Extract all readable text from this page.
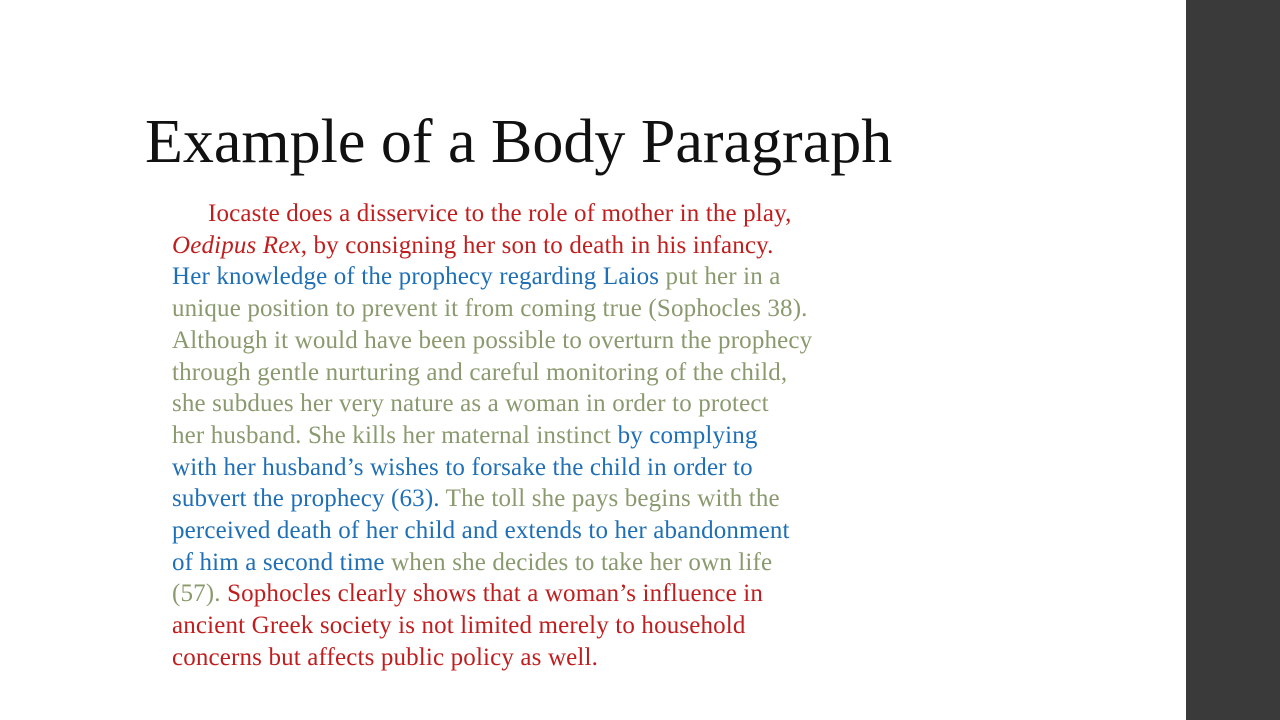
Example of a Body Paragraph

Iocaste does a disservice to the role of mother in the play,
Oedipus Rex, by consigning her son to death in his infancy.
Her knowledge of the prophecy regarding Laios put her in a
unique position to prevent it from coming true (Sophocles 38).
Although it would have been possible to overturn the prophecy
through gentle nurturing and careful monitoring of the child,
she subdues her very nature as a woman in order to protect
her husband. She kills her maternal instinct by complying
with her husband’s wishes to forsake the child in order to
subvert the prophecy (63). The toll she pays begins with the
perceived death of her child and extends to her abandonment
of him a second time when she decides to take her own life
(57). Sophocles clearly shows that a woman’s influence in
ancient Greek society is not limited merely to household
concerns but affects public policy as well.
